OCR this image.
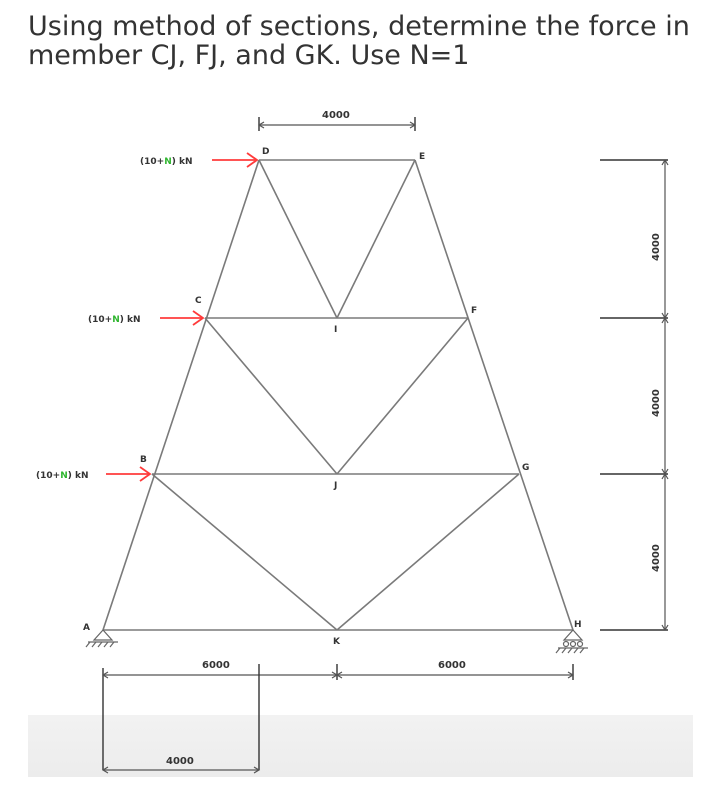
Using method of sections, determine the force in member CJ, FJ, and GK. Use N=1

(10+N) kN
(10+N) kN
(10+N) kN
A
B
C
D	E
F
G
H
I
J
K
4000
4000
4000
4000
6000	6000
4000
